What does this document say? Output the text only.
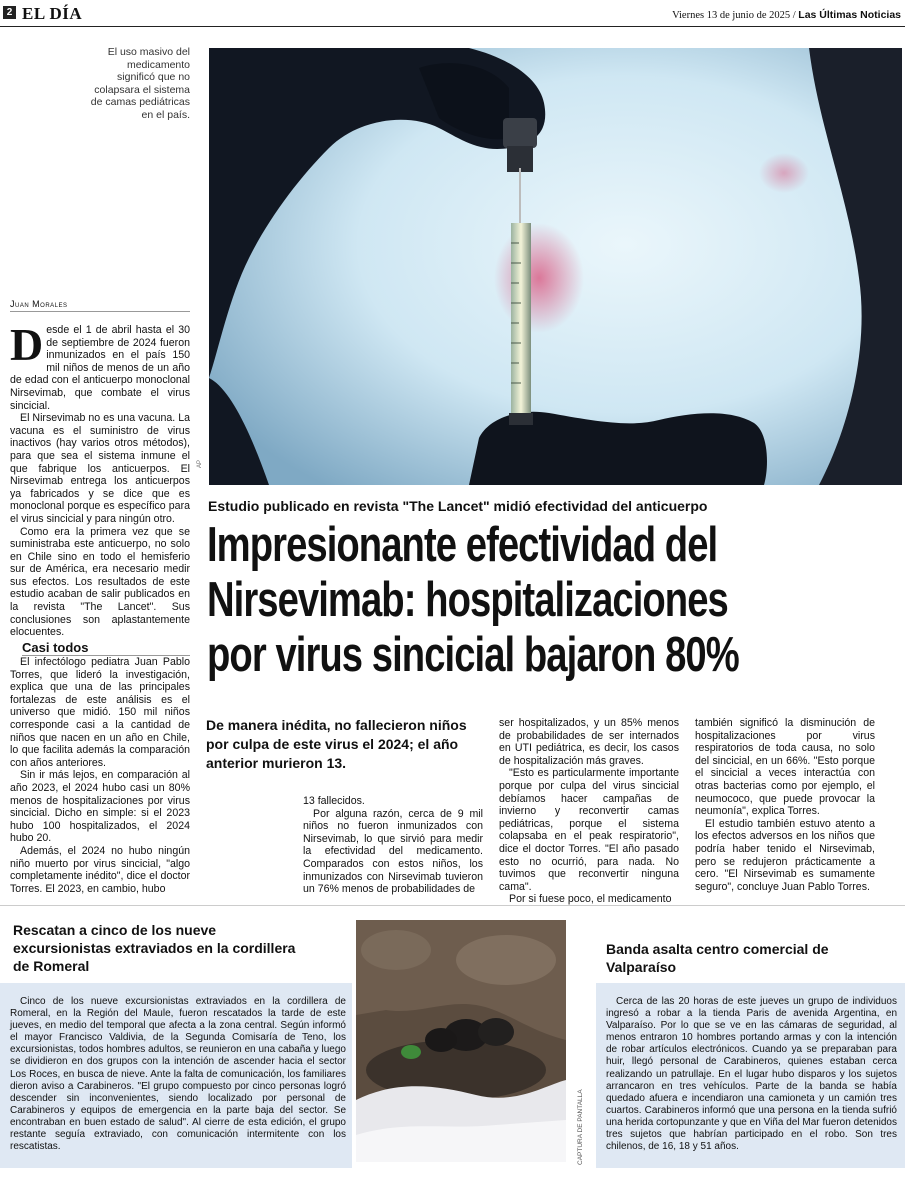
2 EL DÍA	Viernes 13 de junio de 2025 / Las Últimas Noticias
AP
El uso masivo del medicamento significó que no colapsara el sistema de camas pediátricas en el país.
Juan Morales

Desde el 1 de abril hasta el 30 de septiembre de 2024 fueron inmunizados en el país 150 mil niños de menos de un año de edad con el anticuerpo monoclonal Nirsevimab, que combate el virus sincicial.

El Nirsevimab no es una vacuna. La vacuna es el suministro de virus inactivos (hay varios otros métodos), para que sea el sistema inmune el que fabrique los anticuerpos. El Nirsevimab entrega los anticuerpos ya fabricados y se dice que es monoclonal porque es específico para el virus sincicial y para ningún otro.

Como era la primera vez que se suministraba este anticuerpo, no solo en Chile sino en todo el hemisferio sur de América, era necesario medir sus efectos. Los resultados de este estudio acaban de salir publicados en la revista "The Lancet". Sus conclusiones son aplastantemente elocuentes.

Casi todos

El infectólogo pediatra Juan Pablo Torres, que lideró la investigación, explica que una de las principales fortalezas de este análisis es el universo que midió. 150 mil niños corresponde casi a la cantidad de niños que nacen en un año en Chile, lo que facilita además la comparación con años anteriores.

Sin ir más lejos, en comparación al año 2023, el 2024 hubo casi un 80% menos de hospitalizaciones por virus sincicial. Dicho en simple: si el 2023 hubo 100 hospitalizados, el 2024 hubo 20.

Además, el 2024 no hubo ningún niño muerto por virus sincicial, "algo completamente inédito", dice el doctor Torres. El 2023, en cambio, hubo

Estudio publicado en revista "The Lancet" midió efectividad del anticuerpo
Impresionante efectividad del
Nirsevimab: hospitalizaciones
por virus sincicial bajaron 80%
De manera inédita, no fallecieron niños por culpa de este virus el 2024; el año anterior murieron 13.

13 fallecidos.

Por alguna razón, cerca de 9 mil niños no fueron inmunizados con Nirsevimab, lo que sirvió para medir la efectividad del medicamento. Comparados con estos niños, los inmunizados con Nirsevimab tuvieron un 76% menos de probabilidades de

ser hospitalizados, y un 85% menos de probabilidades de ser internados en UTI pediátrica, es decir, los casos de hospitalización más graves.

"Esto es particularmente importante porque por culpa del virus sincicial debíamos hacer campañas de invierno y reconvertir camas pediátricas, porque el sistema colapsaba en el peak respiratorio", dice el doctor Torres. "El año pasado esto no ocurrió, para nada. No tuvimos que reconvertir ninguna cama".

Por si fuese poco, el medicamento

también significó la disminución de hospitalizaciones por virus respiratorios de toda causa, no solo del sincicial, en un 66%. "Esto porque el sincicial a veces interactúa con otras bacterias como por ejemplo, el neumococo, que puede provocar la neumonía", explica Torres.

El estudio también estuvo atento a los efectos adversos en los niños que podría haber tenido el Nirsevimab, pero se redujeron prácticamente a cero. "El Nirsevimab es sumamente seguro", concluye Juan Pablo Torres.

Rescatan a cinco de los nueve excursionistas extraviados en la cordillera de Romeral

Cinco de los nueve excursionistas extraviados en la cordillera de Romeral, en la Región del Maule, fueron rescatados la tarde de este jueves, en medio del temporal que afecta a la zona central. Según informó el mayor Francisco Valdivia, de la Segunda Comisaría de Teno, los excursionistas, todos hombres adultos, se reunieron en una cabaña y luego se dividieron en dos grupos con la intención de ascender hacia el sector Los Roces, en busca de nieve. Ante la falta de comunicación, los familiares dieron aviso a Carabineros. "El grupo compuesto por cinco personas logró descender sin inconvenientes, siendo localizado por personal de Carabineros y equipos de emergencia en la parte baja del sector. Se encontraban en buen estado de salud". Al cierre de esta edición, el grupo restante seguía extraviado, con comunicación intermitente con los rescatistas.	CAPTURA DE PANTALLA
Banda asalta centro comercial de Valparaíso

Cerca de las 20 horas de este jueves un grupo de individuos ingresó a robar a la tienda Paris de avenida Argentina, en Valparaíso. Por lo que se ve en las cámaras de seguridad, al menos entraron 10 hombres portando armas y con la intención de robar artículos electrónicos. Cuando ya se preparaban para huir, llegó personal de Carabineros, quienes estaban cerca realizando un patrullaje. En el lugar hubo disparos y los sujetos arrancaron en tres vehículos. Parte de la banda se había quedado afuera e incendiaron una camioneta y un camión tres cuartos. Carabineros informó que una persona en la tienda sufrió una herida cortopunzante y que en Viña del Mar fueron detenidos tres sujetos que habrían participado en el robo. Son tres chilenos, de 16, 18 y 51 años.
